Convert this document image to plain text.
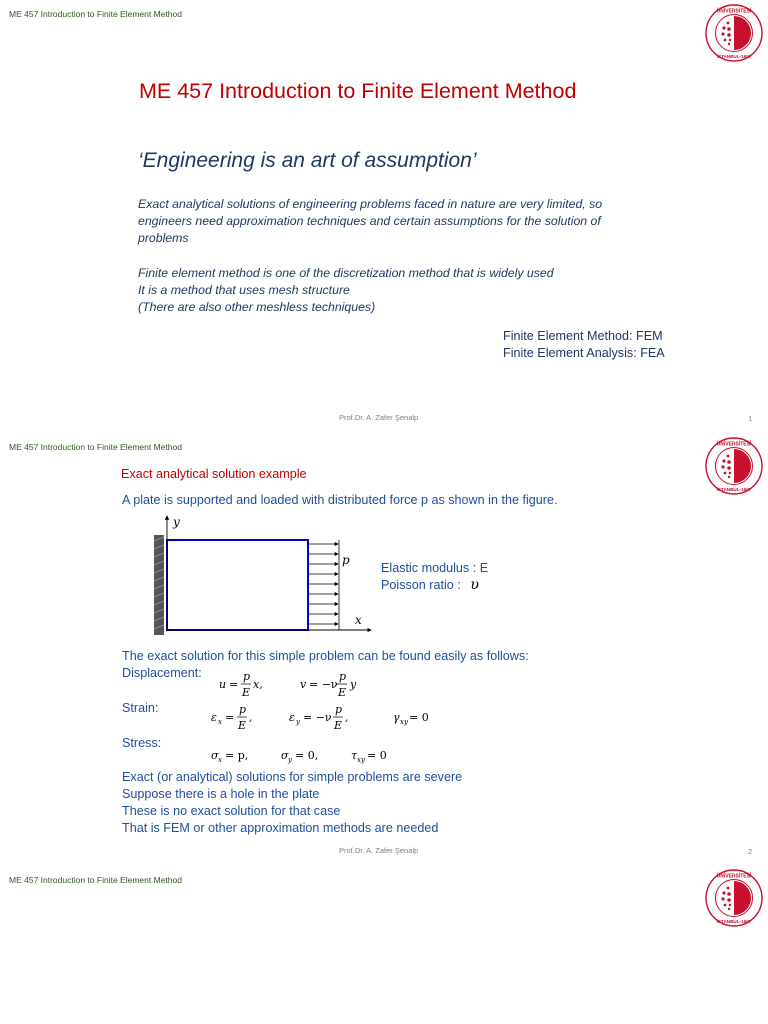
ME 457 Introduction to Finite Element Method	ÜNİVERSİTESİ
İSTANBUL-1997
ME 457 Introduction to Finite Element Method
‘Engineering is an art of assumption’
Exact analytical solutions of engineering problems faced in nature are very limited, so
engineers need approximation techniques and certain assumptions for the solution of
problems
Finite element method is one of the discretization method that is widely used
It is a method that uses mesh structure
(There are also other meshless techniques)
Finite Element Method: FEM
Finite Element Analysis: FEA
Prof.Dr. A. Zafer Şenalp	1
ME 457 Introduction to Finite Element Method	ÜNİVERSİTESİ
İSTANBUL-1997
Exact analytical solution example
A plate is supported and loaded with distributed force p as shown in the figure.
y
x
p
Elastic modulus : E
Poisson ratio : υ
The exact solution for this simple problem can be found easily as follows:
Displacement:
Strain:
Stress:
u =
p
E
x,	v = −ν
p
E
y
ε x =
p
E
,	ε y = −ν
p
E
,	γ xy = 0
σ x = p,	σ y = 0,	τ xy = 0
Exact (or analytical) solutions for simple problems are severe
Suppose there is a hole in the plate
These is no exact solution for that case
That is FEM or other approximation methods are needed
Prof.Dr. A. Zafer Şenalp	2
ME 457 Introduction to Finite Element Method	ÜNİVERSİTESİ
İSTANBUL-1997
